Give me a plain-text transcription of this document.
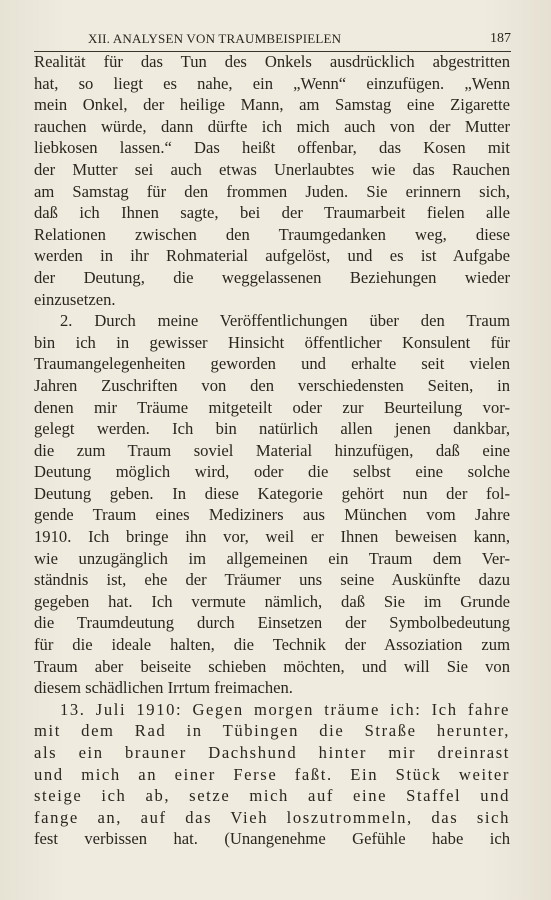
XII. ANALYSEN VON TRAUMBEISPIELEN	187
Realität für das Tun des Onkels ausdrücklich abgestritten
hat, so liegt es nahe, ein „Wenn“ einzufügen. „Wenn
mein Onkel, der heilige Mann, am Samstag eine Zigarette
rauchen würde, dann dürfte ich mich auch von der Mutter
liebkosen lassen.“ Das heißt offenbar, das Kosen mit
der Mutter sei auch etwas Unerlaubtes wie das Rauchen
am Samstag für den frommen Juden. Sie erinnern sich,
daß ich Ihnen sagte, bei der Traumarbeit fielen alle
Relationen zwischen den Traumgedanken weg, diese
werden in ihr Rohmaterial aufgelöst, und es ist Aufgabe
der Deutung, die weggelassenen Beziehungen wieder
einzusetzen.
2. Durch meine Veröffentlichungen über den Traum
bin ich in gewisser Hinsicht öffentlicher Konsulent für
Traumangelegenheiten geworden und erhalte seit vielen
Jahren Zuschriften von den verschiedensten Seiten, in
denen mir Träume mitgeteilt oder zur Beurteilung vor-
gelegt werden. Ich bin natürlich allen jenen dankbar,
die zum Traum soviel Material hinzufügen, daß eine
Deutung möglich wird, oder die selbst eine solche
Deutung geben. In diese Kategorie gehört nun der fol-
gende Traum eines Mediziners aus München vom Jahre
1910. Ich bringe ihn vor, weil er Ihnen beweisen kann,
wie unzugänglich im allgemeinen ein Traum dem Ver-
ständnis ist, ehe der Träumer uns seine Auskünfte dazu
gegeben hat. Ich vermute nämlich, daß Sie im Grunde
die Traumdeutung durch Einsetzen der Symbolbedeutung
für die ideale halten, die Technik der Assoziation zum
Traum aber beiseite schieben möchten, und will Sie von
diesem schädlichen Irrtum freimachen.
13. Juli 1910: Gegen morgen träume ich: Ich fahre
mit dem Rad in Tübingen die Straße herunter,
als ein brauner Dachshund hinter mir dreinrast
und mich an einer Ferse faßt. Ein Stück weiter
steige ich ab, setze mich auf eine Staffel und
fange an, auf das Vieh loszutrommeln, das sich
fest verbissen hat. (Unangenehme Gefühle habe ich
